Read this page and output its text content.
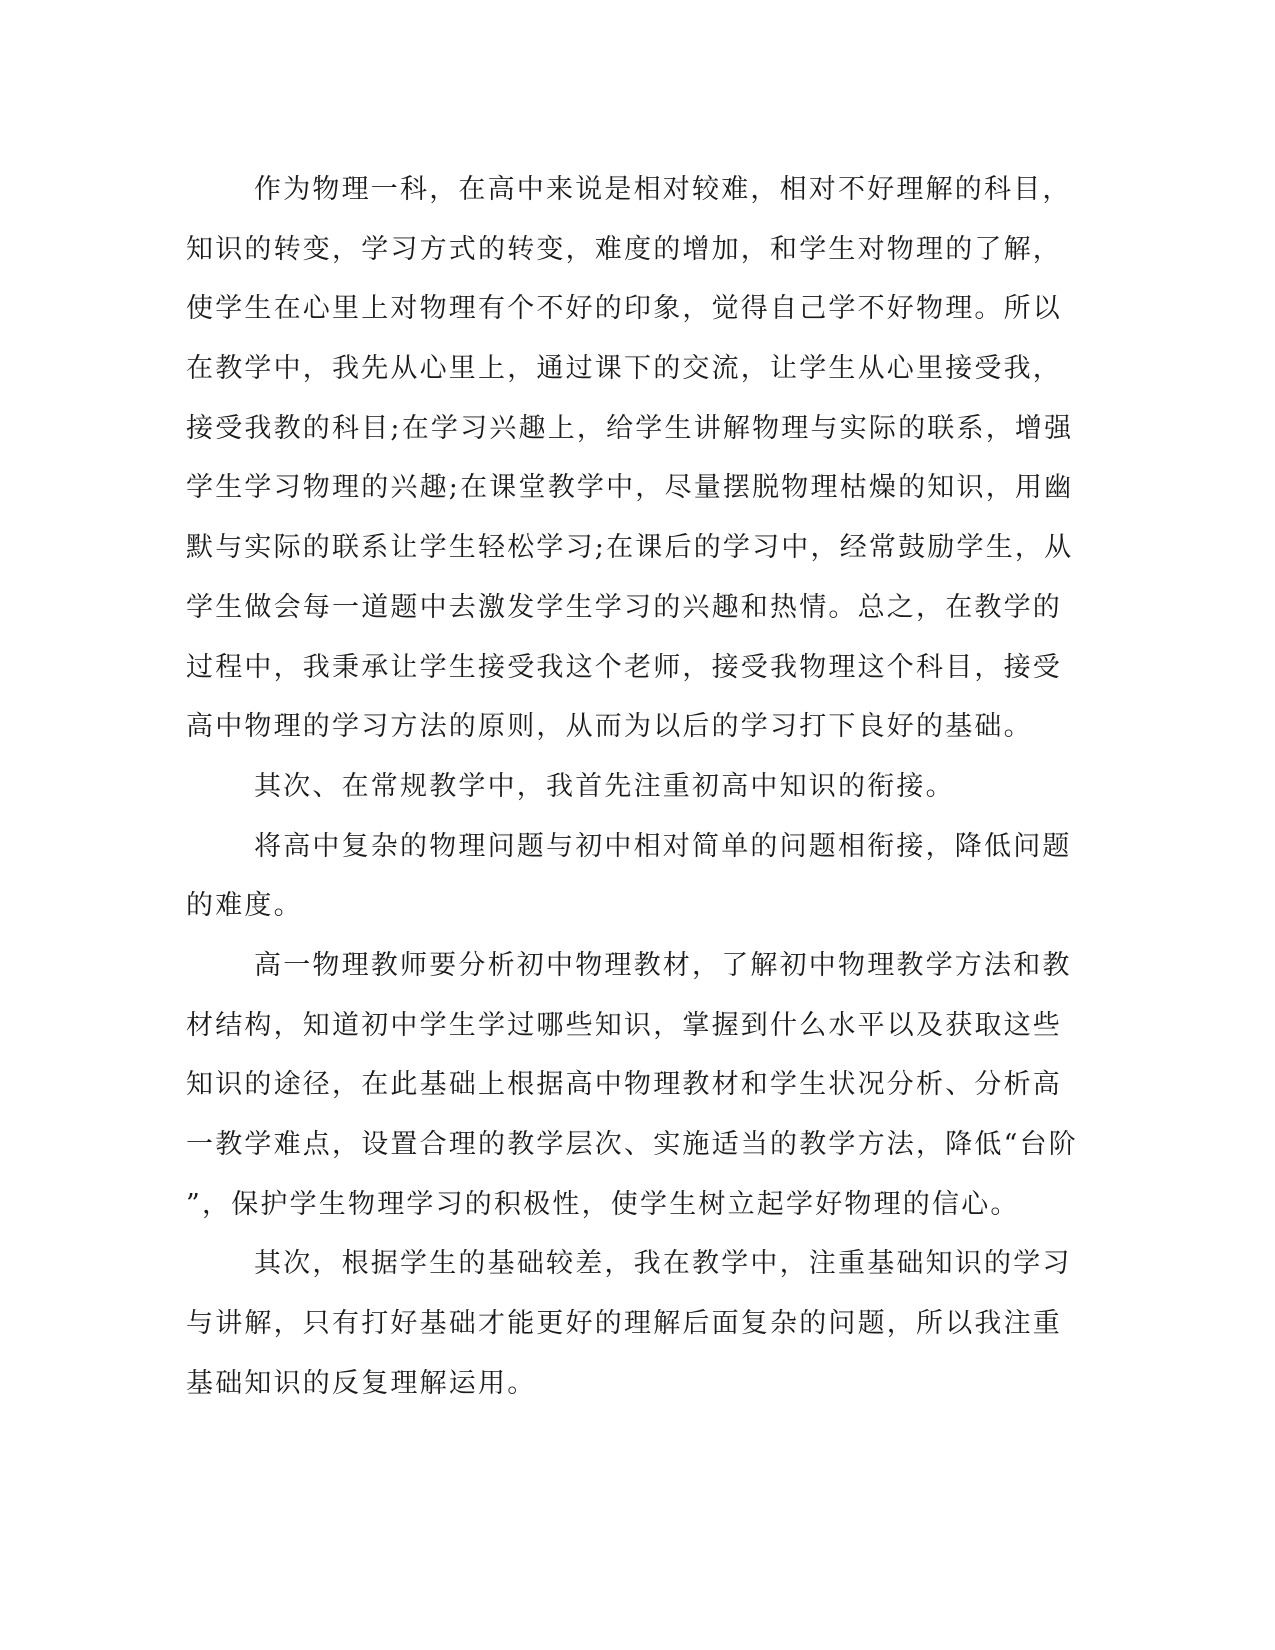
作为物理一科，在高中来说是相对较难，相对不好理解的科目，
知识的转变，学习方式的转变，难度的增加，和学生对物理的了解，
使学生在心里上对物理有个不好的印象，觉得自己学不好物理。所以
在教学中，我先从心里上，通过课下的交流，让学生从心里接受我，
接受我教的科目;在学习兴趣上，给学生讲解物理与实际的联系，增强
学生学习物理的兴趣;在课堂教学中，尽量摆脱物理枯燥的知识，用幽
默与实际的联系让学生轻松学习;在课后的学习中，经常鼓励学生，从
学生做会每一道题中去激发学生学习的兴趣和热情。总之，在教学的
过程中，我秉承让学生接受我这个老师，接受我物理这个科目，接受
高中物理的学习方法的原则，从而为以后的学习打下良好的基础。
其次、在常规教学中，我首先注重初高中知识的衔接。
将高中复杂的物理问题与初中相对简单的问题相衔接，降低问题
的难度。
高一物理教师要分析初中物理教材，了解初中物理教学方法和教
材结构，知道初中学生学过哪些知识，掌握到什么水平以及获取这些
知识的途径，在此基础上根据高中物理教材和学生状况分析、分析高
一教学难点，设置合理的教学层次、实施适当的教学方法，降低“台阶
”，保护学生物理学习的积极性，使学生树立起学好物理的信心。
其次，根据学生的基础较差，我在教学中，注重基础知识的学习
与讲解，只有打好基础才能更好的理解后面复杂的问题，所以我注重
基础知识的反复理解运用。
